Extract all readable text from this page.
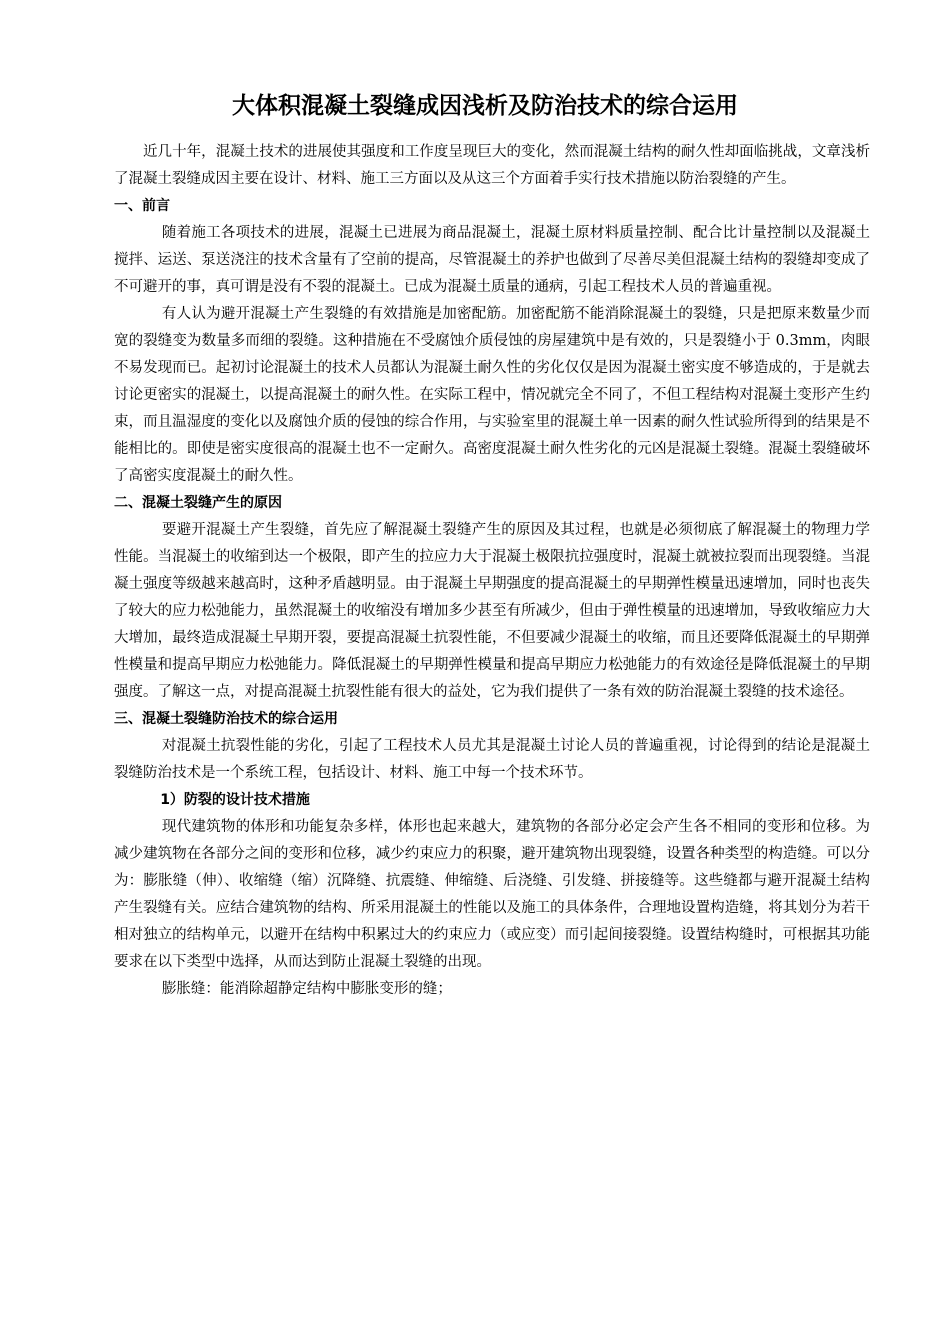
大体积混凝土裂缝成因浅析及防治技术的综合运用

近几十年，混凝土技术的进展使其强度和工作度呈现巨大的变化，然而混凝土结构的耐久性却面临挑战，文章浅析了混凝土裂缝成因主要在设计、材料、施工三方面以及从这三个方面着手实行技术措施以防治裂缝的产生。

一、前言

随着施工各项技术的进展，混凝土已进展为商品混凝土，混凝土原材料质量控制、配合比计量控制以及混凝土搅拌、运送、泵送浇注的技术含量有了空前的提高，尽管混凝土的养护也做到了尽善尽美但混凝土结构的裂缝却变成了不可避开的事，真可谓是没有不裂的混凝土。已成为混凝土质量的通病，引起工程技术人员的普遍重视。

有人认为避开混凝土产生裂缝的有效措施是加密配筋。加密配筋不能消除混凝土的裂缝，只是把原来数量少而宽的裂缝变为数量多而细的裂缝。这种措施在不受腐蚀介质侵蚀的房屋建筑中是有效的，只是裂缝小于 0.3mm，肉眼不易发现而已。起初讨论混凝土的技术人员都认为混凝土耐久性的劣化仅仅是因为混凝土密实度不够造成的，于是就去讨论更密实的混凝土，以提高混凝土的耐久性。在实际工程中，情况就完全不同了，不但工程结构对混凝土变形产生约束，而且温湿度的变化以及腐蚀介质的侵蚀的综合作用，与实验室里的混凝土单一因素的耐久性试验所得到的结果是不能相比的。即使是密实度很高的混凝土也不一定耐久。高密度混凝土耐久性劣化的元凶是混凝土裂缝。混凝土裂缝破坏了高密实度混凝土的耐久性。

二、混凝土裂缝产生的原因

要避开混凝土产生裂缝，首先应了解混凝土裂缝产生的原因及其过程，也就是必须彻底了解混凝土的物理力学性能。当混凝土的收缩到达一个极限，即产生的拉应力大于混凝土极限抗拉强度时，混凝土就被拉裂而出现裂缝。当混凝土强度等级越来越高时，这种矛盾越明显。由于混凝土早期强度的提高混凝土的早期弹性模量迅速增加，同时也丧失了较大的应力松弛能力，虽然混凝土的收缩没有增加多少甚至有所减少，但由于弹性模量的迅速增加，导致收缩应力大大增加，最终造成混凝土早期开裂，要提高混凝土抗裂性能，不但要减少混凝土的收缩，而且还要降低混凝土的早期弹性模量和提高早期应力松弛能力。降低混凝土的早期弹性模量和提高早期应力松弛能力的有效途径是降低混凝土的早期强度。了解这一点，对提高混凝土抗裂性能有很大的益处，它为我们提供了一条有效的防治混凝土裂缝的技术途径。

三、混凝土裂缝防治技术的综合运用

对混凝土抗裂性能的劣化，引起了工程技术人员尤其是混凝土讨论人员的普遍重视，讨论得到的结论是混凝土裂缝防治技术是一个系统工程，包括设计、材料、施工中每一个技术环节。

1）防裂的设计技术措施

现代建筑物的体形和功能复杂多样，体形也起来越大，建筑物的各部分必定会产生各不相同的变形和位移。为减少建筑物在各部分之间的变形和位移，减少约束应力的积聚，避开建筑物出现裂缝，设置各种类型的构造缝。可以分为：膨胀缝（伸）、收缩缝（缩）沉降缝、抗震缝、伸缩缝、后浇缝、引发缝、拼接缝等。这些缝都与避开混凝土结构产生裂缝有关。应结合建筑物的结构、所采用混凝土的性能以及施工的具体条件，合理地设置构造缝，将其划分为若干相对独立的结构单元，以避开在结构中积累过大的约束应力（或应变）而引起间接裂缝。设置结构缝时，可根据其功能要求在以下类型中选择，从而达到防止混凝土裂缝的出现。

膨胀缝：能消除超静定结构中膨胀变形的缝；
